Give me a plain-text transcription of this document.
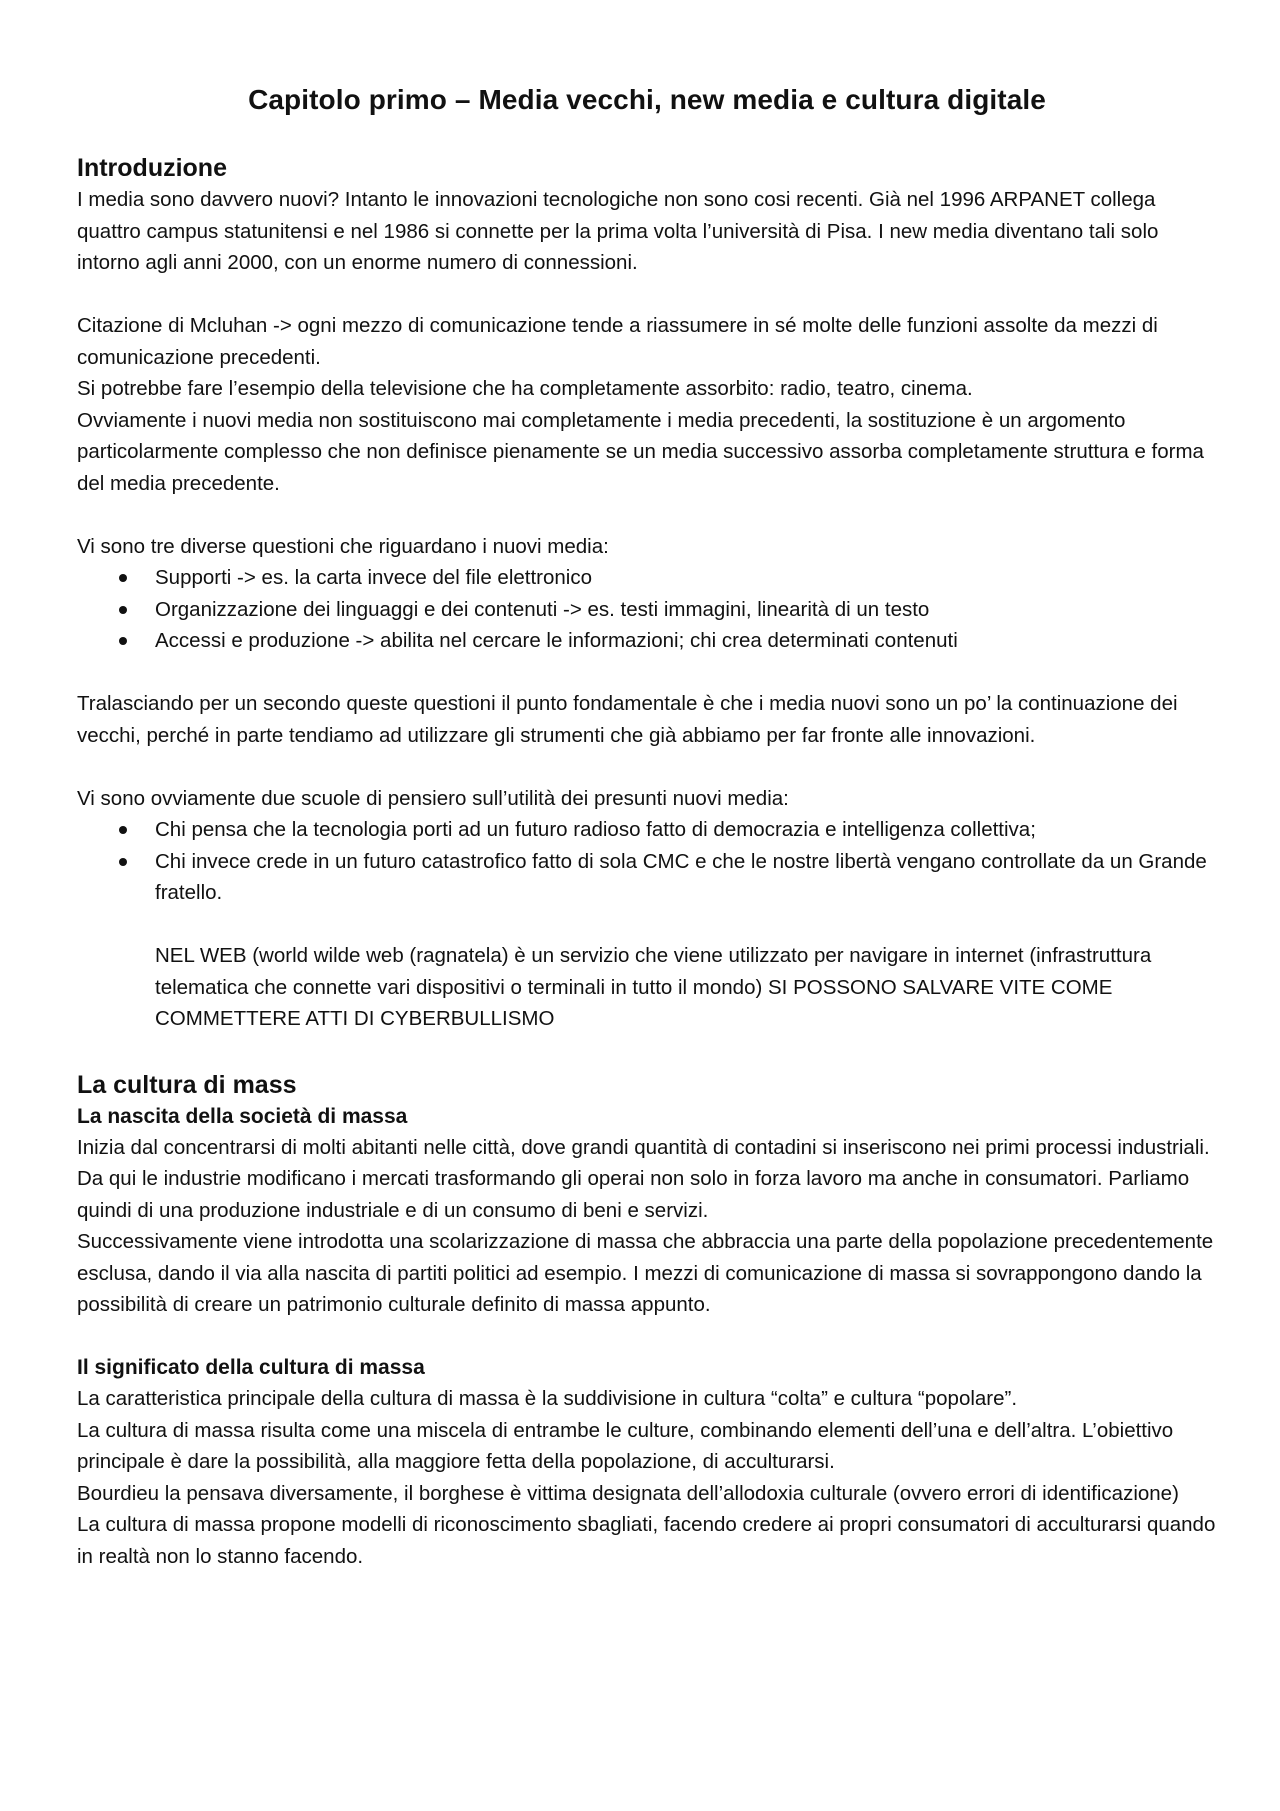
Capitolo primo – Media vecchi, new media e cultura digitale
Introduzione

I media sono davvero nuovi? Intanto le innovazioni tecnologiche non sono cosi recenti. Già nel 1996 ARPANET collega quattro campus statunitensi e nel 1986 si connette per la prima volta l’università di Pisa. I new media diventano tali solo intorno agli anni 2000, con un enorme numero di connessioni.

Citazione di Mcluhan -> ogni mezzo di comunicazione tende a riassumere in sé molte delle funzioni assolte da mezzi di comunicazione precedenti.

Si potrebbe fare l’esempio della televisione che ha completamente assorbito: radio, teatro, cinema.

Ovviamente i nuovi media non sostituiscono mai completamente i media precedenti, la sostituzione è un argomento particolarmente complesso che non definisce pienamente se un media successivo assorba completamente struttura e forma del media precedente.

Vi sono tre diverse questioni che riguardano i nuovi media:

Supporti -> es. la carta invece del file elettronico
Organizzazione dei linguaggi e dei contenuti -> es. testi immagini, linearità di un testo
Accessi e produzione -> abilita nel cercare le informazioni; chi crea determinati contenuti

Tralasciando per un secondo queste questioni il punto fondamentale è che i media nuovi sono un po’ la continuazione dei vecchi, perché in parte tendiamo ad utilizzare gli strumenti che già abbiamo per far fronte alle innovazioni.

Vi sono ovviamente due scuole di pensiero sull’utilità dei presunti nuovi media:

Chi pensa che la tecnologia porti ad un futuro radioso fatto di democrazia e intelligenza collettiva;
Chi invece crede in un futuro catastrofico fatto di sola CMC e che le nostre libertà vengano controllate da un Grande fratello.

NEL WEB (world wilde web (ragnatela) è un servizio che viene utilizzato per navigare in internet (infrastruttura telematica che connette vari dispositivi o terminali in tutto il mondo) SI POSSONO SALVARE VITE COME COMMETTERE ATTI DI CYBERBULLISMO

La cultura di mass
La nascita della società di massa

Inizia dal concentrarsi di molti abitanti nelle città, dove grandi quantità di contadini si inseriscono nei primi processi industriali. Da qui le industrie modificano i mercati trasformando gli operai non solo in forza lavoro ma anche in consumatori. Parliamo quindi di una produzione industriale e di un consumo di beni e servizi.

Successivamente viene introdotta una scolarizzazione di massa che abbraccia una parte della popolazione precedentemente esclusa, dando il via alla nascita di partiti politici ad esempio. I mezzi di comunicazione di massa si sovrappongono dando la possibilità di creare un patrimonio culturale definito di massa appunto.

Il significato della cultura di massa

La caratteristica principale della cultura di massa è la suddivisione in cultura “colta” e cultura “popolare”.

La cultura di massa risulta come una miscela di entrambe le culture, combinando elementi dell’una e dell’altra. L’obiettivo principale è dare la possibilità, alla maggiore fetta della popolazione, di acculturarsi.

Bourdieu la pensava diversamente, il borghese è vittima designata dell’allodoxia culturale (ovvero errori di identificazione)

La cultura di massa propone modelli di riconoscimento sbagliati, facendo credere ai propri consumatori di acculturarsi quando in realtà non lo stanno facendo.
